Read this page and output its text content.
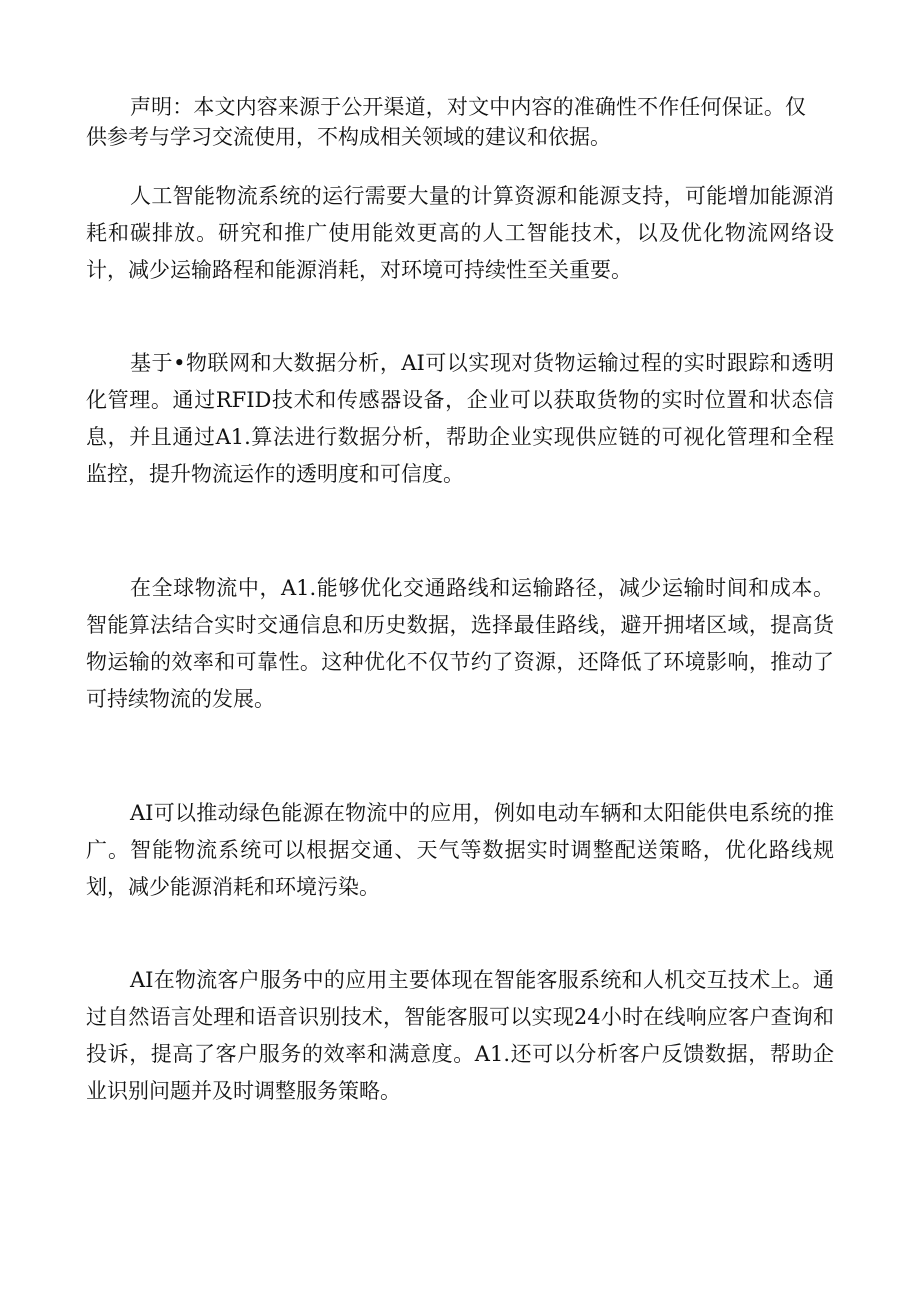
声明：本文内容来源于公开渠道，对文中内容的准确性不作任何保证。仅供参考与学习交流使用，不构成相关领域的建议和依据。

人工智能物流系统的运行需要大量的计算资源和能源支持，可能增加能源消耗和碳排放。研究和推广使用能效更高的人工智能技术，以及优化物流网络设计，减少运输路程和能源消耗，对环境可持续性至关重要。

基于•物联网和大数据分析，AI可以实现对货物运输过程的实时跟踪和透明化管理。通过RFID技术和传感器设备，企业可以获取货物的实时位置和状态信息，并且通过A1.算法进行数据分析，帮助企业实现供应链的可视化管理和全程监控，提升物流运作的透明度和可信度。

在全球物流中，A1.能够优化交通路线和运输路径，减少运输时间和成本。智能算法结合实时交通信息和历史数据，选择最佳路线，避开拥堵区域，提高货物运输的效率和可靠性。这种优化不仅节约了资源，还降低了环境影响，推动了可持续物流的发展。

AI可以推动绿色能源在物流中的应用，例如电动车辆和太阳能供电系统的推广。智能物流系统可以根据交通、天气等数据实时调整配送策略，优化路线规划，减少能源消耗和环境污染。

AI在物流客户服务中的应用主要体现在智能客服系统和人机交互技术上。通过自然语言处理和语音识别技术，智能客服可以实现24小时在线响应客户查询和投诉，提高了客户服务的效率和满意度。A1.还可以分析客户反馈数据，帮助企业识别问题并及时调整服务策略。
